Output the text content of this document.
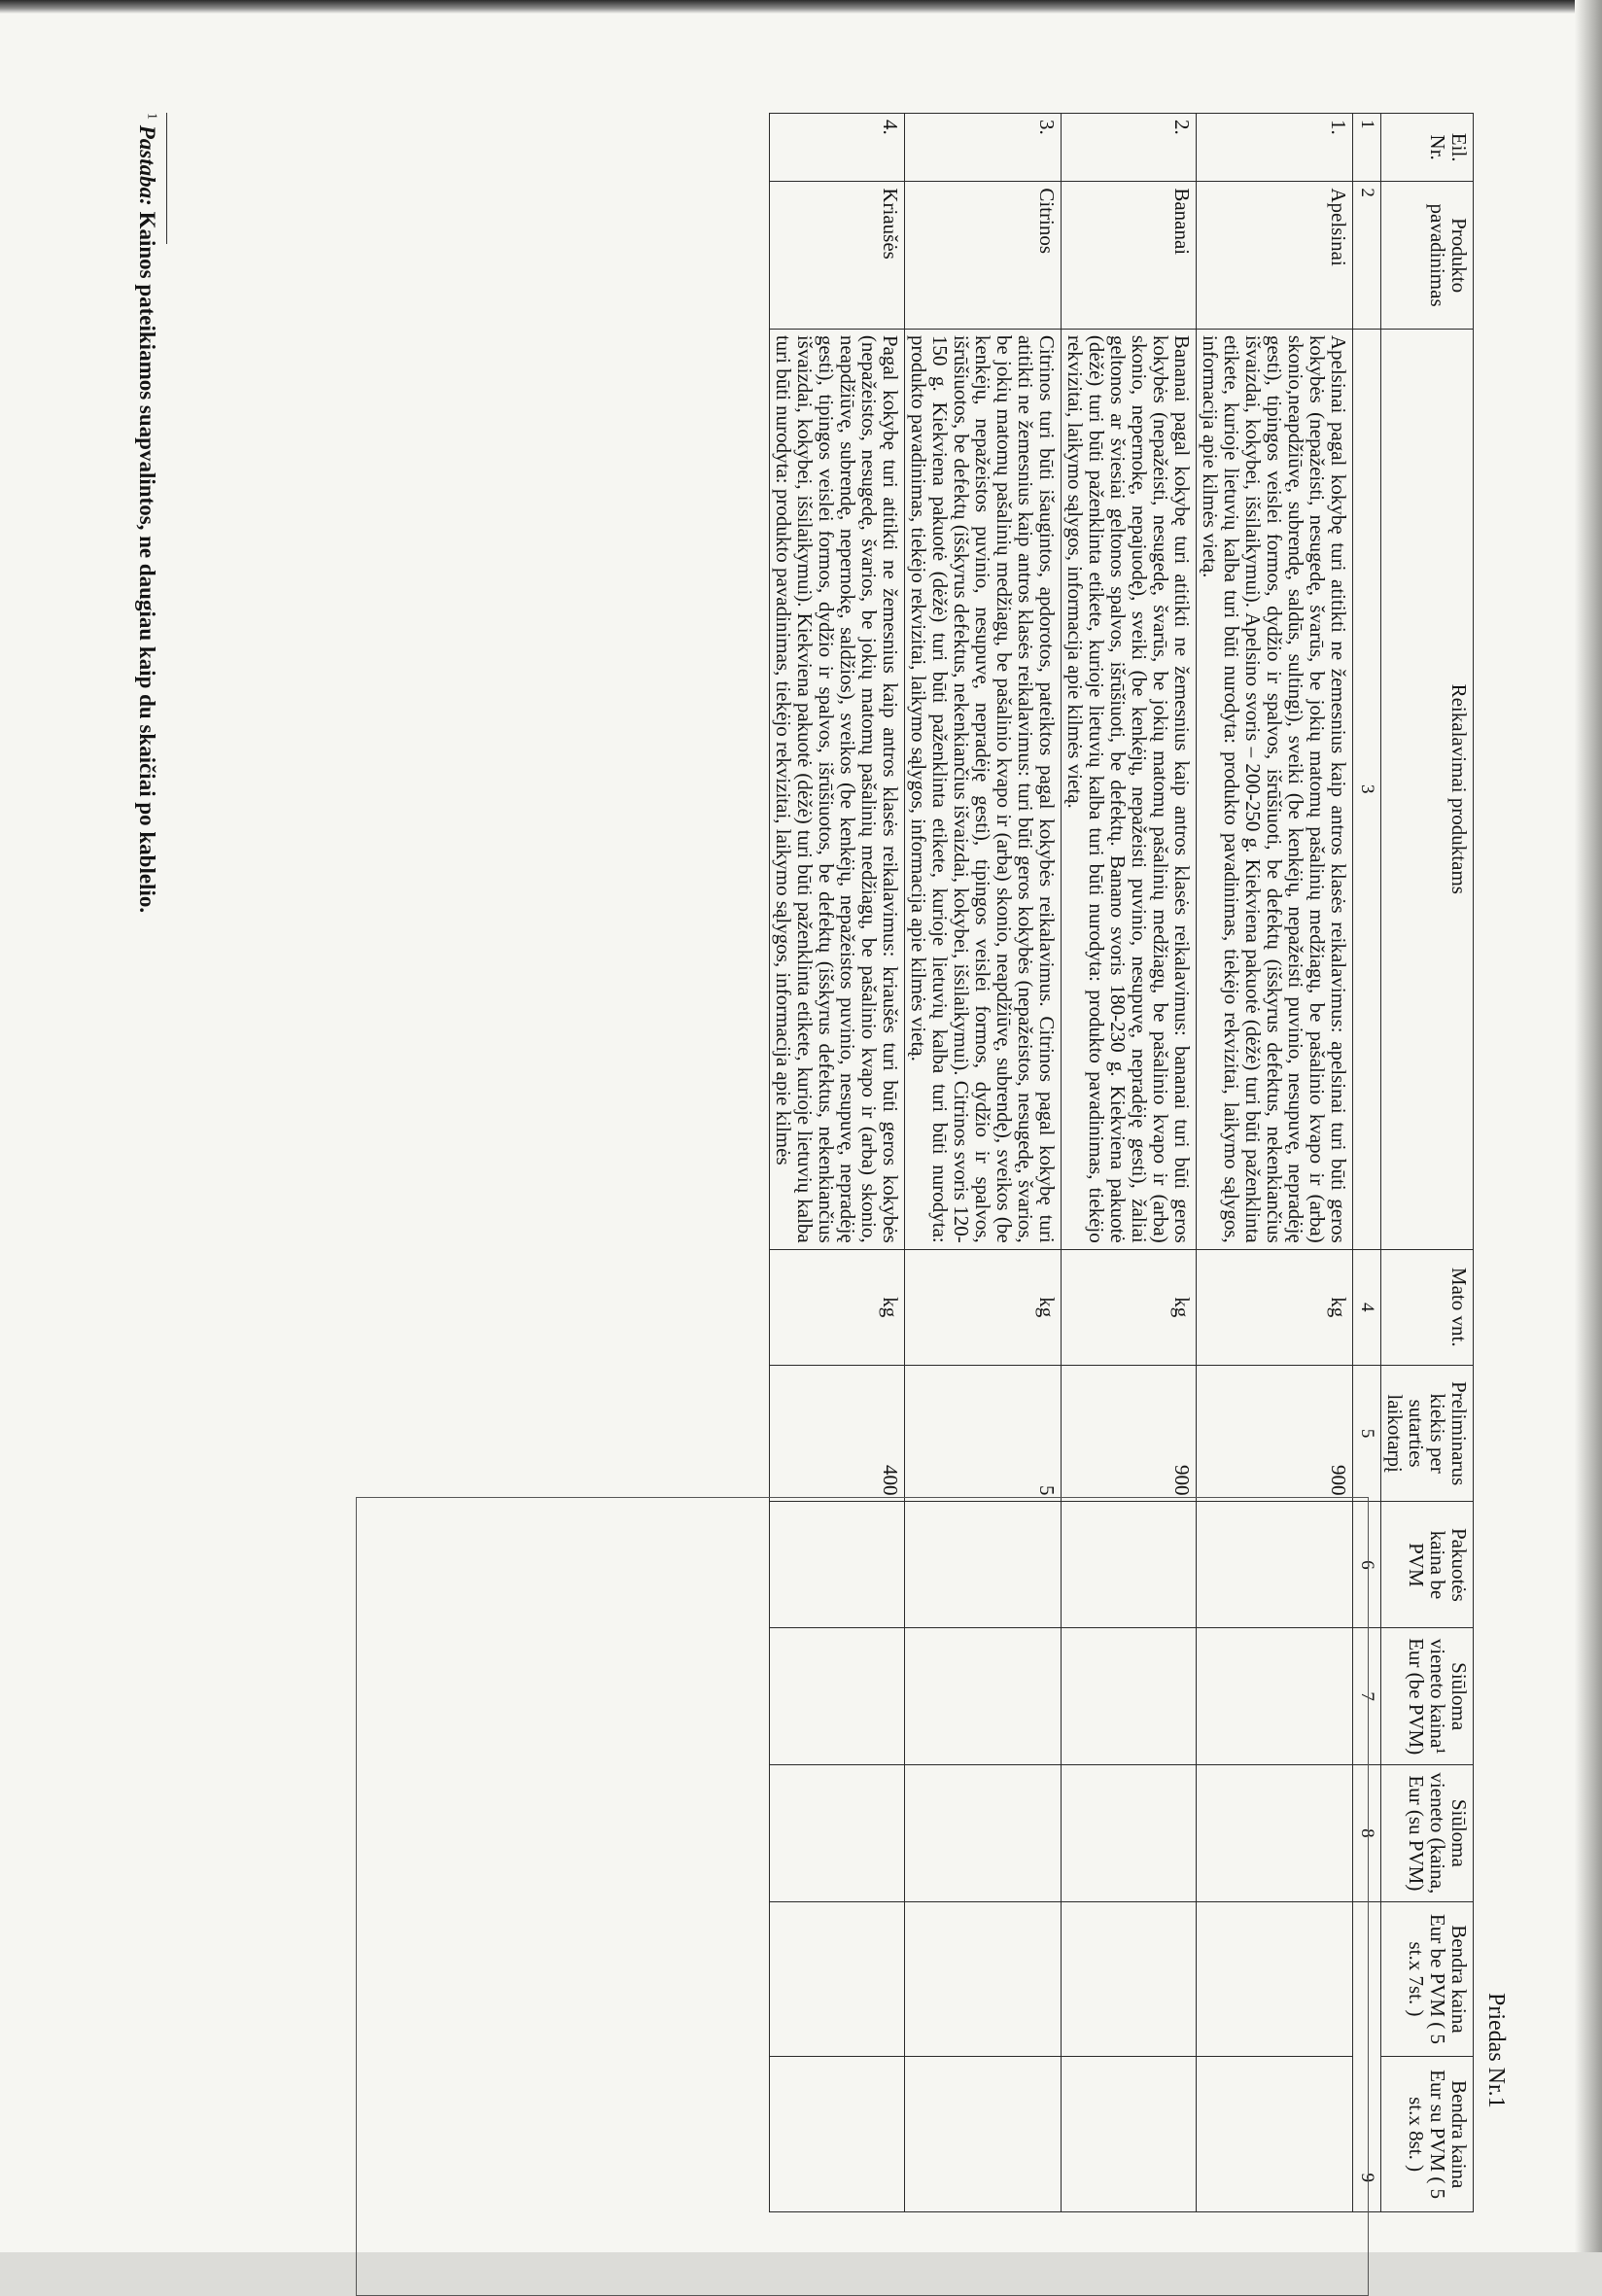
Priedas Nr.1
Eil. Nr.	Produkto pavadinimas	Reikalavimai produktams	Mato vnt.	Preliminarus kiekis per sutarties laikotarpį	Pakuotės kaina be PVM	Siūloma vieneto kaina¹ Eur (be PVM)	Siūloma vieneto (kaina, Eur (su PVM)	Bendra kaina Eur be PVM ( 5 st.x 7st. )	Bendra kaina Eur su PVM ( 5 st.x 8st. )
1	2	3	4	5	6	7	8	9	
1.	Apelsinai	Apelsinai pagal kokybę turi atitikti ne žemesnius kaip antros klasės reikalavimus: apelsinai turi būti geros kokybės (nepažeisti, nesugedę, švarūs, be jokių matomų pašalinių medžiagų, be pašalinio kvapo ir (arba) skonio,neapdžiūvę, subrendę, saldūs, sultingi), sveiki (be kenkėjų, nepažeisti puvinio, nesupuvę, nepradėję gesti), tipingos veislei formos, dydžio ir spalvos, išrūšiuoti, be defektų (išskyrus defektus, nekenkiančius išvaizdai, kokybei, išsilaikymui). Apelsino svoris – 200-250 g. Kiekviena pakuotė (dėžė) turi būti paženklinta etikete, kurioje lietuvių kalba turi būti nurodyta: produkto pavadinimas, tiekėjo rekvizitai, laikymo sąlygos, informacija apie kilmės vietą.	kg	900					
2.	Bananai	Bananai pagal kokybę turi atitikti ne žemesnius kaip antros klasės reikalavimus: bananai turi būti geros kokybės (nepažeisti, nesugedę, švarūs, be jokių matomų pašalinių medžiagų, be pašalinio kvapo ir (arba) skonio, nepernokę, nepajuodę), sveiki (be kenkėjų, nepažeisti puvinio, nesupuvę, nepradėję gesti), žaliai geltonos ar šviesiai geltonos spalvos, išrūšiuoti, be defektų. Banano svoris 180-230 g. Kiekviena pakuotė (dėžė) turi būti paženklinta etikete, kurioje lietuvių kalba turi būti nurodyta: produkto pavadinimas, tiekėjo rekvizitai, laikymo sąlygos, informacija apie kilmės vietą.	kg	900					
3.	Citrinos	Citrinos turi būti išaugintos, apdorotos, pateiktos pagal kokybės reikalavimus. Citrinos pagal kokybę turi atitikti ne žemesnius kaip antros klasės reikalavimus: turi būti geros kokybės (nepažeistos, nesugedę, švarios, be jokių matomų pašalinių medžiagų, be pašalinio kvapo ir (arba) skonio, neapdžiūvę, subrendę), sveikos (be kenkėjų, nepažeistos puvinio, nesupuvę, nepradėję gesti), tipingos veislei formos, dydžio ir spalvos, išrūšiuotos, be defektų (išskyrus defektus, nekenkiančius išvaizdai, kokybei, išsilaikymui). Citrinos svoris 120-150 g. Kiekviena pakuotė (dėžė) turi būti paženklinta etikete, kurioje lietuvių kalba turi būti nurodyta: produkto pavadinimas, tiekėjo rekvizitai, laikymo sąlygos, informacija apie kilmės vietą.	kg	5					
4.	Kriaušės	Pagal kokybę turi atitikti ne žemesnius kaip antros klasės reikalavimus: kriaušės turi būti geros kokybės (nepažeistos, nesugedę, švarios, be jokių matomų pašalinių medžiagų, be pašalinio kvapo ir (arba) skonio, neapdžiūvę, subrendę, nepernokę, saldžios), sveikos (be kenkėjų, nepažeistos puvinio, nesupuvę, nepradėję gesti), tipingos veislei formos, dydžio ir spalvos, išrūšiuotos, be defektų (išskyrus defektus, nekenkiančius išvaizdai, kokybei, išsilaikymui). Kiekviena pakuotė (dėžė) turi būti paženklinta etikete, kurioje lietuvių kalba turi būti nurodyta: produkto pavadinimas, tiekėjo rekvizitai, laikymo sąlygos, informacija apie kilmės	kg	400					
$^1$ Pastaba: Kainos pateikiamos suapvalintos, ne daugiau kaip du skaičiai po kablelio.
